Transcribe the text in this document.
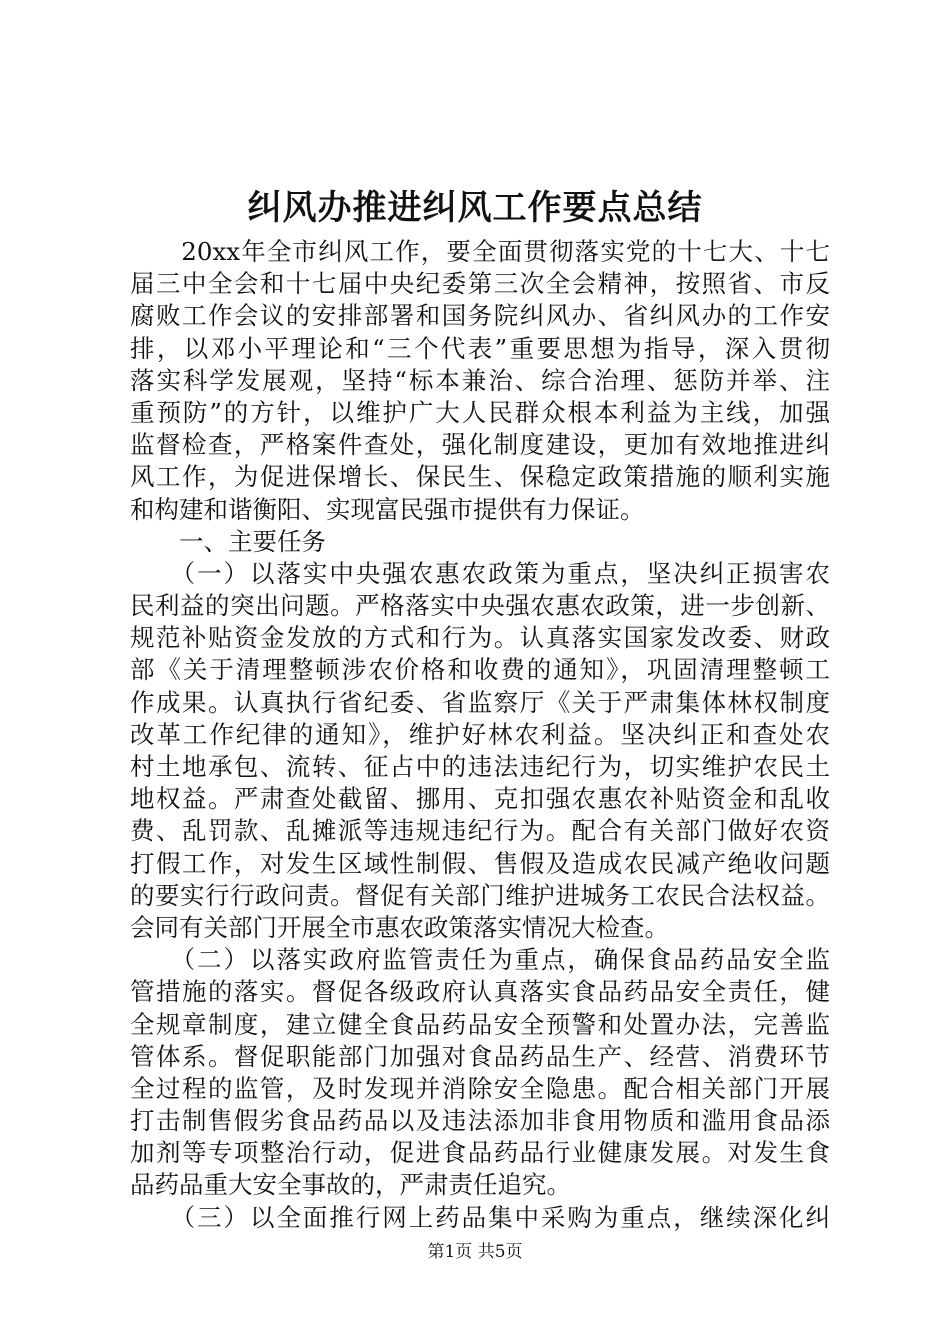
纠风办推进纠风工作要点总结
　　20xx年全市纠风工作，要全面贯彻落实党的十七大、十七
届三中全会和十七届中央纪委第三次全会精神，按照省、市反
腐败工作会议的安排部署和国务院纠风办、省纠风办的工作安
排，以邓小平理论和“三个代表”重要思想为指导，深入贯彻
落实科学发展观，坚持“标本兼治、综合治理、惩防并举、注
重预防”的方针，以维护广大人民群众根本利益为主线，加强
监督检查，严格案件查处，强化制度建设，更加有效地推进纠
风工作，为促进保增长、保民生、保稳定政策措施的顺利实施
和构建和谐衡阳、实现富民强市提供有力保证。
　　一、主要任务
　　（一）以落实中央强农惠农政策为重点，坚决纠正损害农
民利益的突出问题。严格落实中央强农惠农政策，进一步创新、
规范补贴资金发放的方式和行为。认真落实国家发改委、财政
部《关于清理整顿涉农价格和收费的通知》，巩固清理整顿工
作成果。认真执行省纪委、省监察厅《关于严肃集体林权制度
改革工作纪律的通知》，维护好林农利益。坚决纠正和查处农
村土地承包、流转、征占中的违法违纪行为，切实维护农民土
地权益。严肃查处截留、挪用、克扣强农惠农补贴资金和乱收
费、乱罚款、乱摊派等违规违纪行为。配合有关部门做好农资
打假工作，对发生区域性制假、售假及造成农民减产绝收问题
的要实行行政问责。督促有关部门维护进城务工农民合法权益。
会同有关部门开展全市惠农政策落实情况大检查。
　　（二）以落实政府监管责任为重点，确保食品药品安全监
管措施的落实。督促各级政府认真落实食品药品安全责任，健
全规章制度，建立健全食品药品安全预警和处置办法，完善监
管体系。督促职能部门加强对食品药品生产、经营、消费环节
全过程的监管，及时发现并消除安全隐患。配合相关部门开展
打击制售假劣食品药品以及违法添加非食用物质和滥用食品添
加剂等专项整治行动，促进食品药品行业健康发展。对发生食
品药品重大安全事故的，严肃责任追究。
　　（三）以全面推行网上药品集中采购为重点，继续深化纠
第1页 共5页
